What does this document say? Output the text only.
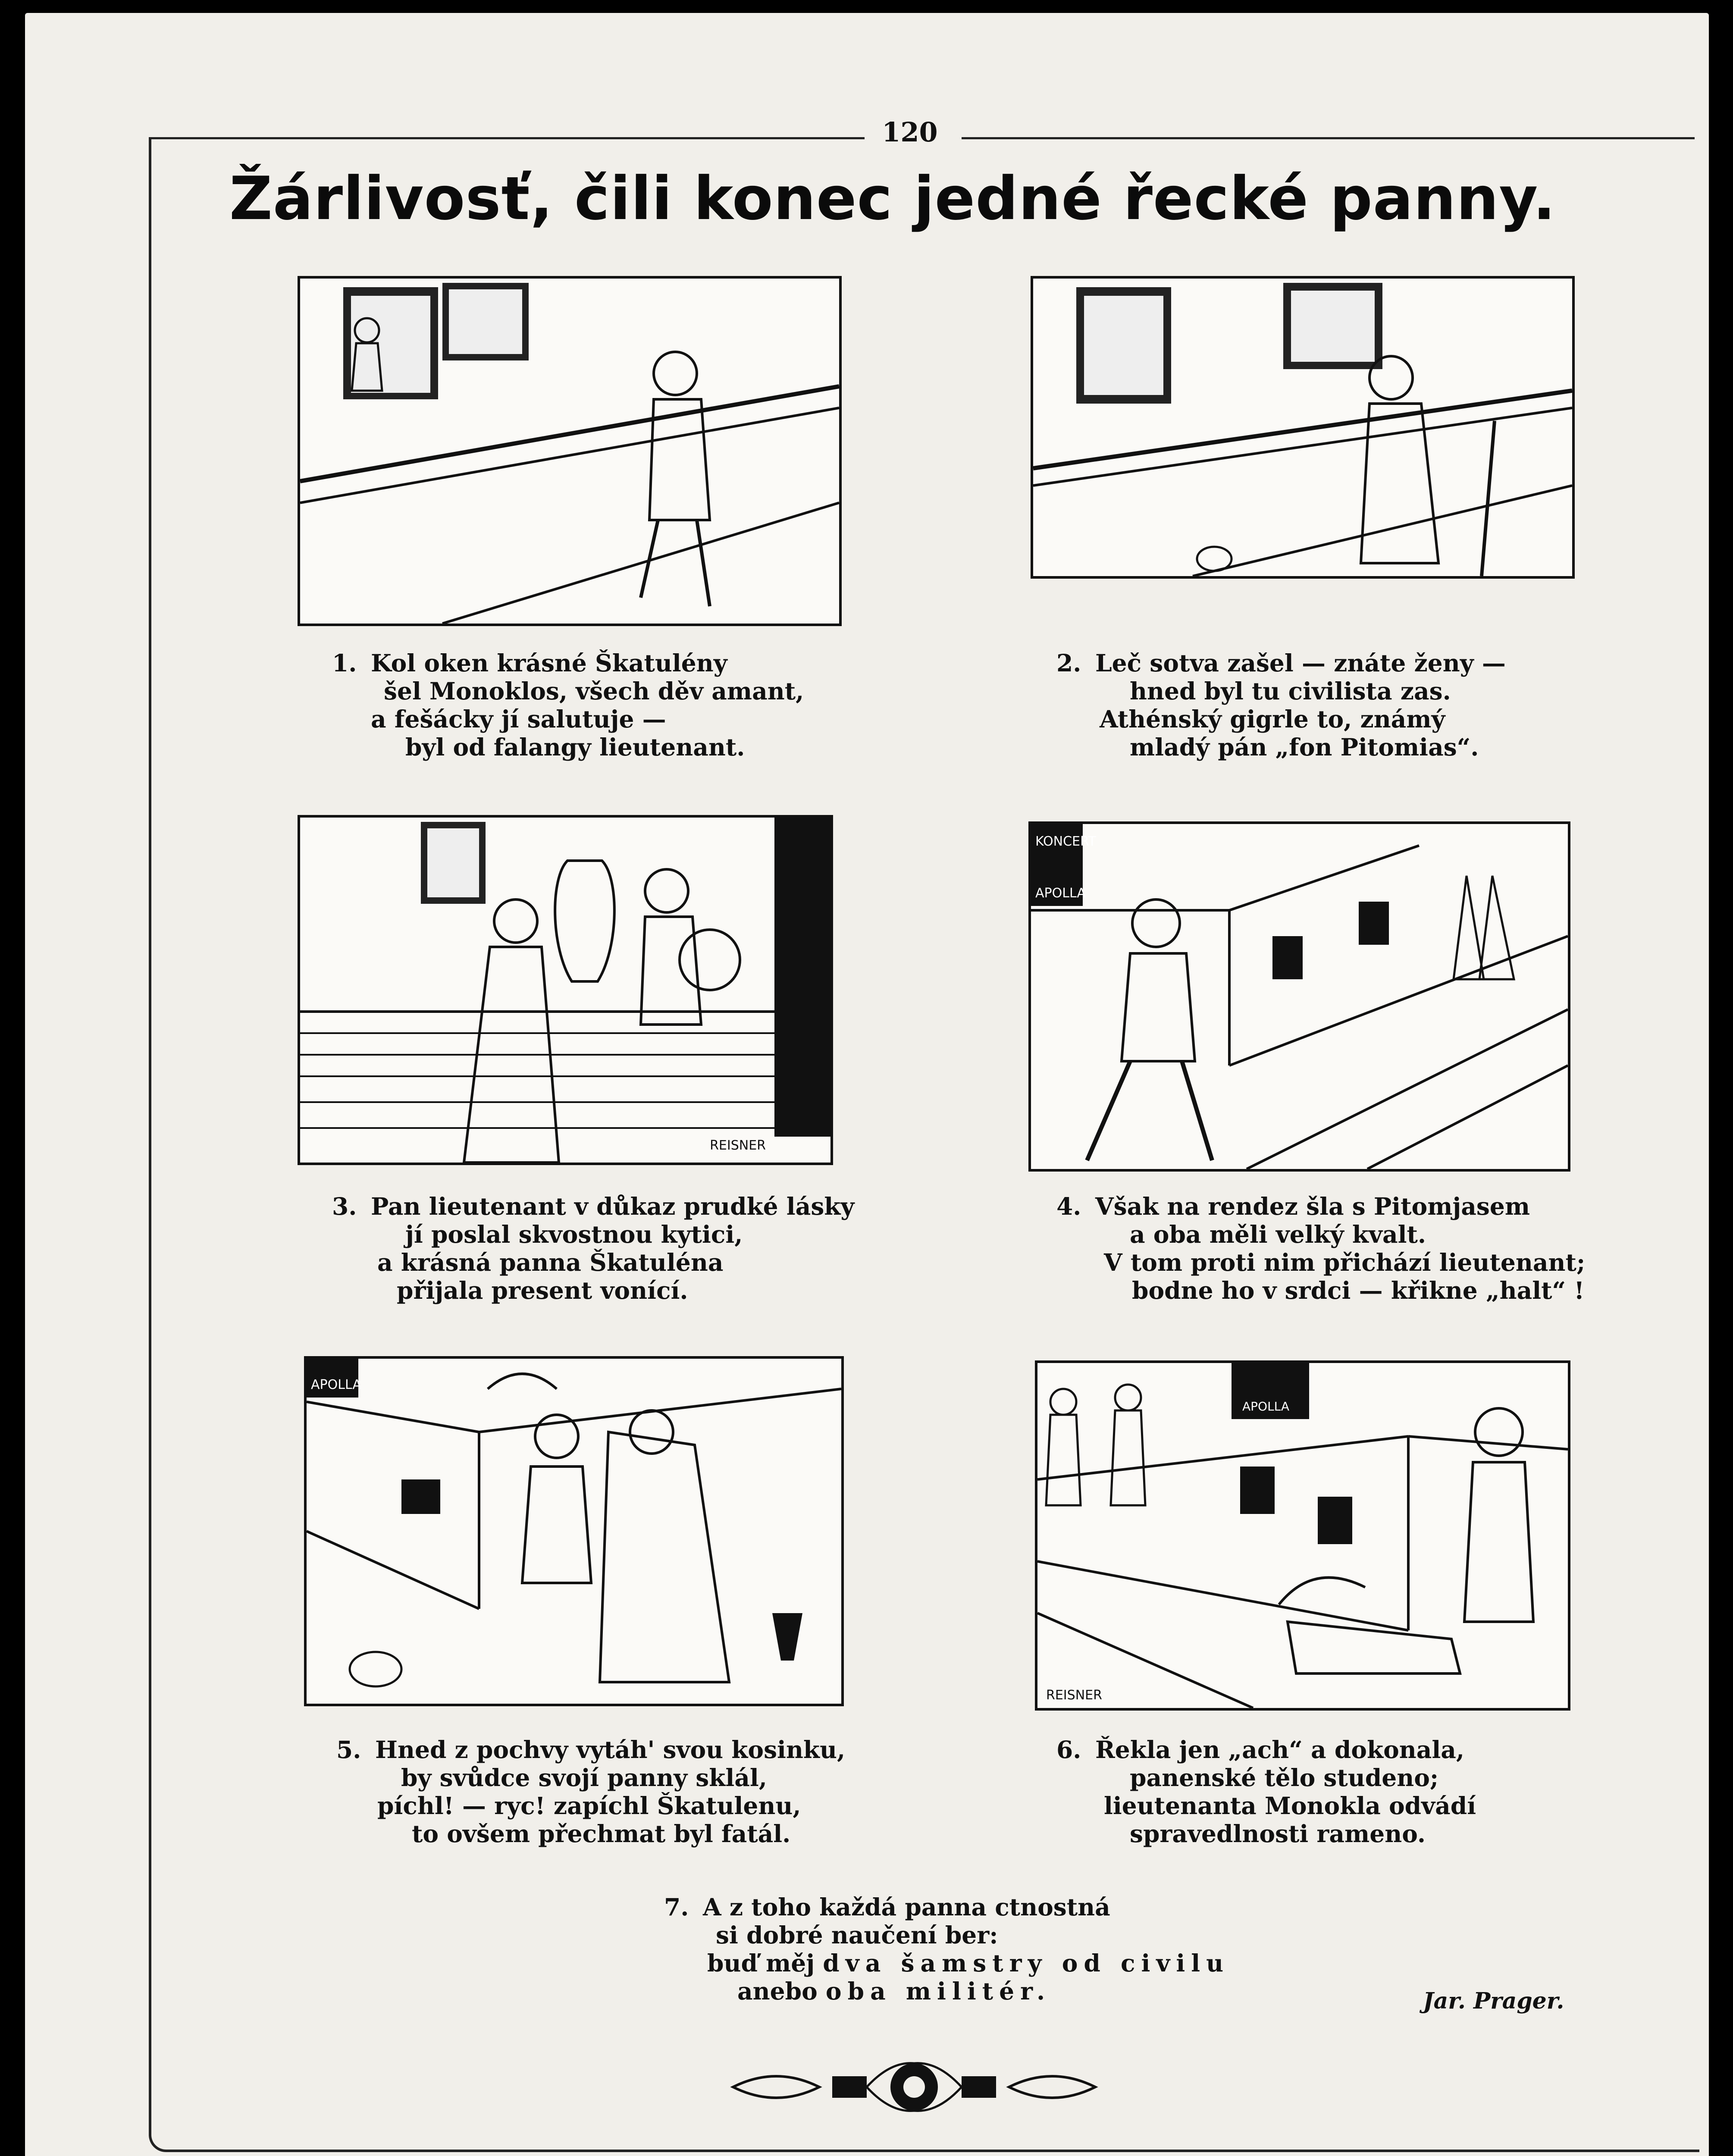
120
Žárlivosť, čili konec jedné řecké panny.
REISNER
KONCERT
APOLLA
APOLLA
APOLLA
REISNER
1. Kol oken krásné Škatulény
šel Monoklos, všech děv amant,
a fešácky jí salutuje —
byl od falangy lieutenant.
2. Leč sotva zašel — znáte ženy —
hned byl tu civilista zas.
Athénský gigrle to, známý
mladý pán „fon Pitomias“.
3. Pan lieutenant v důkaz prudké lásky
jí poslal skvostnou kytici,
a krásná panna Škatuléna
přijala present vonící.
4. Však na rendez šla s Pitomjasem
a oba měli velký kvalt.
V tom proti nim přichází lieutenant;
bodne ho v srdci — křikne „halt“ !
5. Hned z pochvy vytáh' svou kosinku,
by svůdce svojí panny sklál,
píchl! — ryc! zapíchl Škatulenu,
to ovšem přechmat byl fatál.
6. Řekla jen „ach“ a dokonala,
panenské tělo studeno;
lieutenanta Monokla odvádí
spravedlnosti rameno.
7. A z toho každá panna ctnostná
si dobré naučení ber:
buď měj dva šamstry od civilu
anebo oba militér.	Jar. Prager.
